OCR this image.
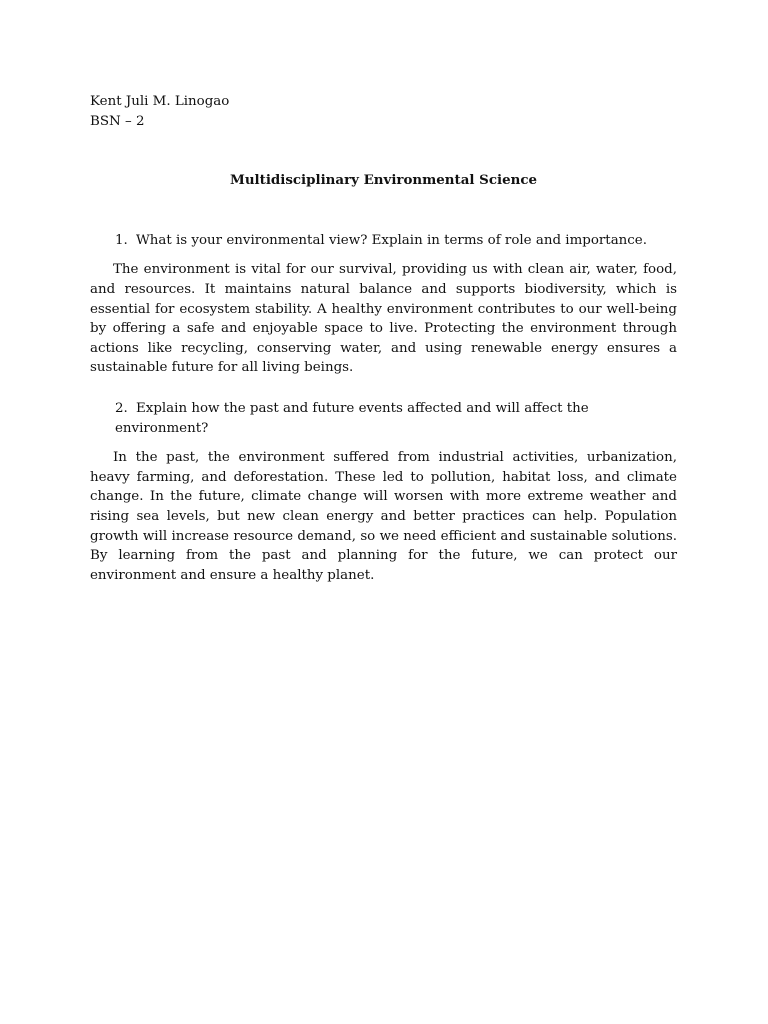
Kent Juli M. Linogao

BSN – 2

Multidisciplinary Environmental Science

1. What is your environmental view? Explain in terms of role and importance.

The environment is vital for our survival, providing us with clean air, water, food, and resources. It maintains natural balance and supports biodiversity, which is essential for ecosystem stability. A healthy environment contributes to our well-being by offering a safe and enjoyable space to live. Protecting the environment through actions like recycling, conserving water, and using renewable energy ensures a sustainable future for all living beings.

2. Explain how the past and future events affected and will affect the environment?

In the past, the environment suffered from industrial activities, urbanization, heavy farming, and deforestation. These led to pollution, habitat loss, and climate change. In the future, climate change will worsen with more extreme weather and rising sea levels, but new clean energy and better practices can help. Population growth will increase resource demand, so we need efficient and sustainable solutions. By learning from the past and planning for the future, we can protect our environment and ensure a healthy planet.
